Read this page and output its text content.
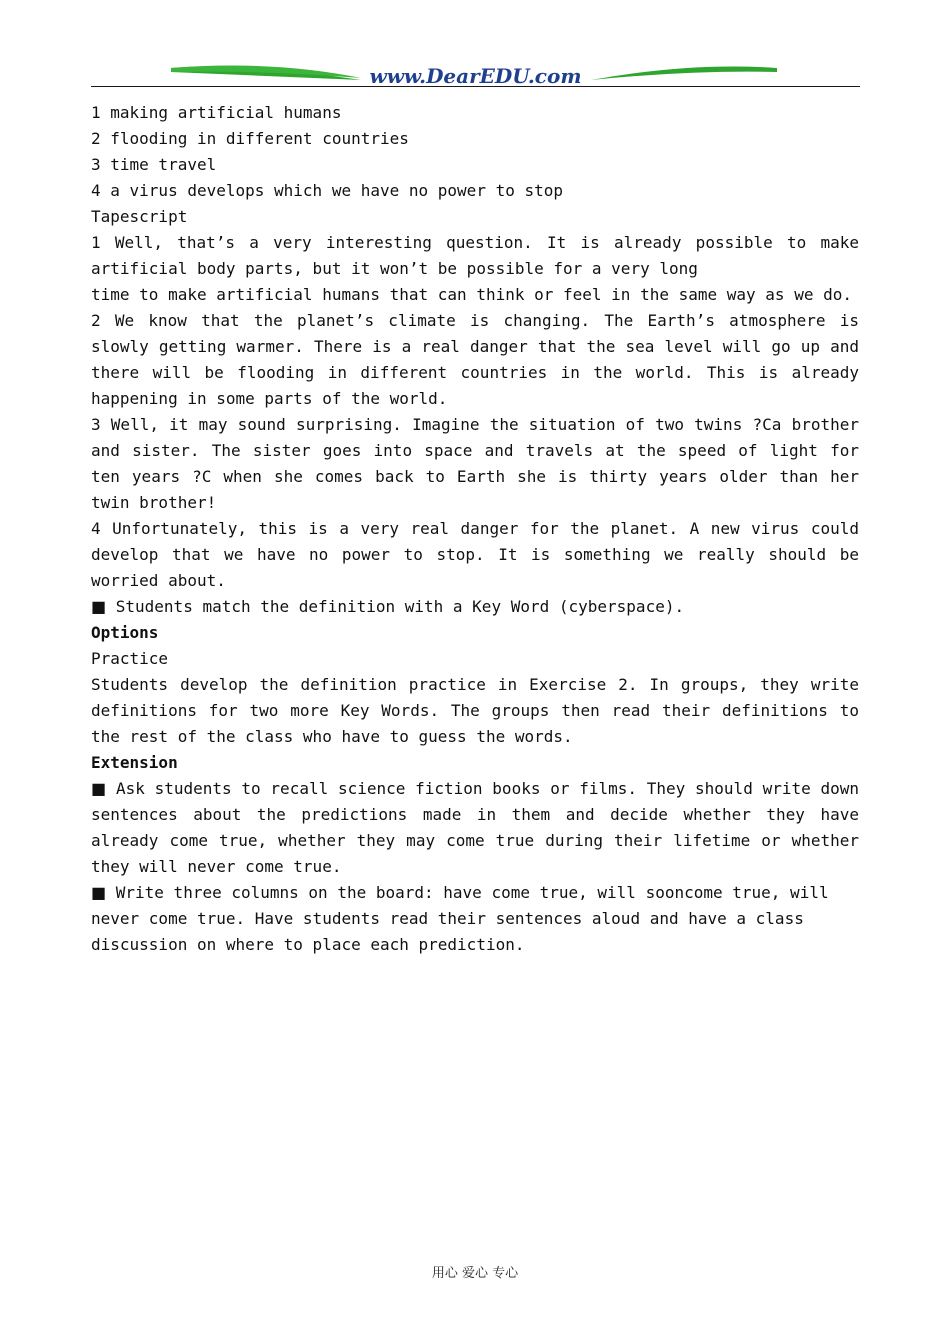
www.DearEDU.com
1 making artificial humans
2 flooding in different countries
3 time travel
4 a virus develops which we have no power to stop
Tapescript
1 Well, that’s a very interesting question. It is already possible to make artificial body parts, but it won’t be possible for a very long
time to make artificial humans that can think or feel in the same way as we do.
2 We know that the planet’s climate is changing. The Earth’s atmosphere is slowly getting warmer. There is a real danger that the sea level will go up and there will be flooding in different countries in the world. This is already happening in some parts of the world.
3 Well, it may sound surprising. Imagine the situation of two twins ?Ca brother and sister. The sister goes into space and travels at the speed of light for ten years ?C when she comes back to Earth she is thirty years older than her twin brother!
4 Unfortunately, this is a very real danger for the planet. A new virus could develop that we have no power to stop. It is something we really should be worried about.
■ Students match the definition with a Key Word (cyberspace).
Options
Practice
Students develop the definition practice in Exercise 2. In groups, they write definitions for two more Key Words. The groups then read their definitions to the rest of the class who have to guess the words.
Extension
■ Ask students to recall science fiction books or films. They should write down sentences about the predictions made in them and decide whether they have already come true, whether they may come true during their lifetime or whether they will never come true.
■ Write three columns on the board: have come true, will sooncome true, will
never come true. Have students read their sentences aloud and have a class
discussion on where to place each prediction.
用心 爱心 专心
